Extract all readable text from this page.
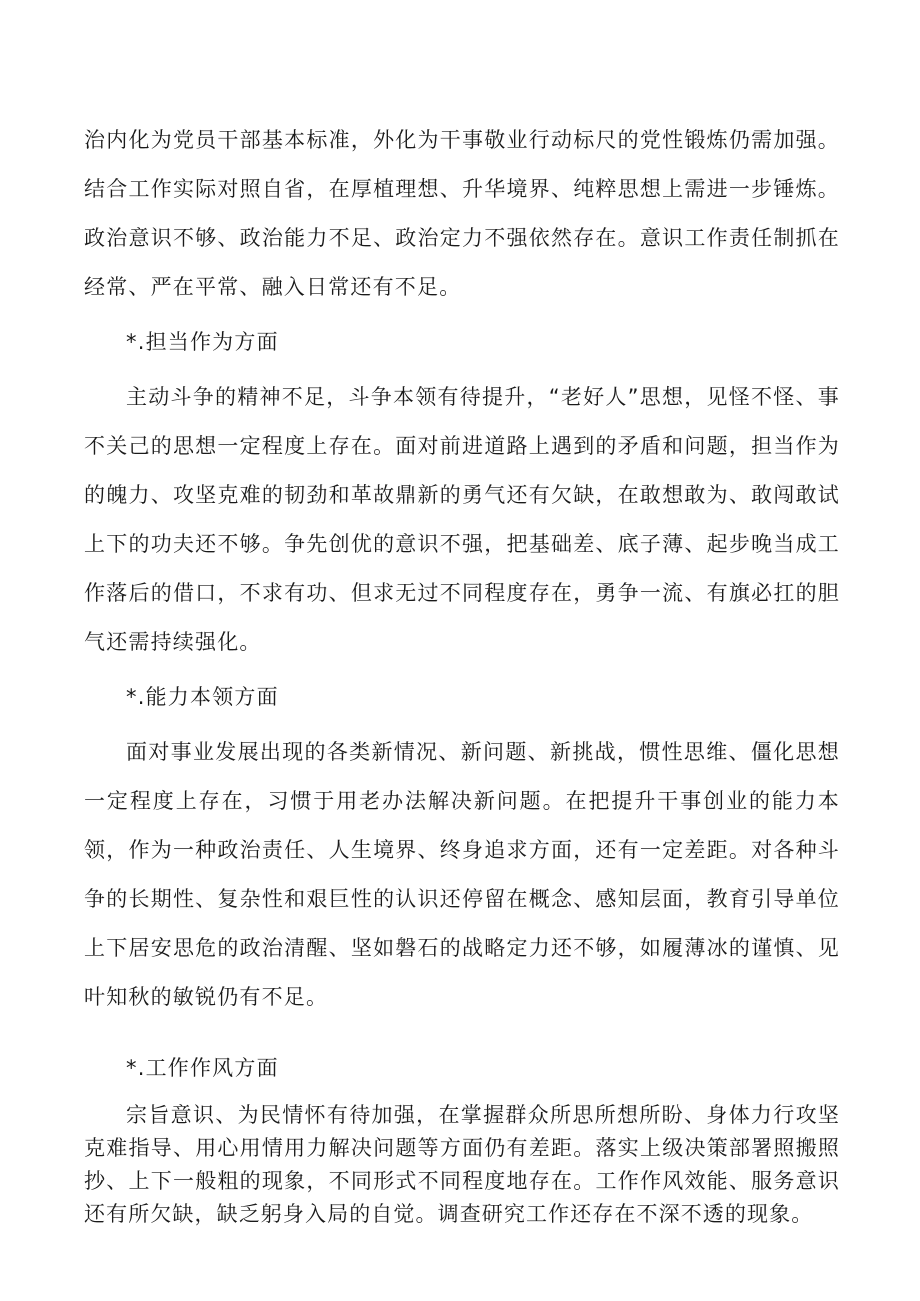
治内化为党员干部基本标准，外化为干事敬业行动标尺的党性锻炼仍需加强。结合工作实际对照自省，在厚植理想、升华境界、纯粹思想上需进一步锤炼。政治意识不够、政治能力不足、政治定力不强依然存在。意识工作责任制抓在经常、严在平常、融入日常还有不足。

*.担当作为方面

主动斗争的精神不足，斗争本领有待提升，“老好人”思想，见怪不怪、事不关己的思想一定程度上存在。面对前进道路上遇到的矛盾和问题，担当作为的魄力、攻坚克难的韧劲和革故鼎新的勇气还有欠缺，在敢想敢为、敢闯敢试上下的功夫还不够。争先创优的意识不强，把基础差、底子薄、起步晚当成工作落后的借口，不求有功、但求无过不同程度存在，勇争一流、有旗必扛的胆气还需持续强化。

*.能力本领方面

面对事业发展出现的各类新情况、新问题、新挑战，惯性思维、僵化思想一定程度上存在，习惯于用老办法解决新问题。在把提升干事创业的能力本领，作为一种政治责任、人生境界、终身追求方面，还有一定差距。对各种斗争的长期性、复杂性和艰巨性的认识还停留在概念、感知层面，教育引导单位上下居安思危的政治清醒、坚如磐石的战略定力还不够，如履薄冰的谨慎、见叶知秋的敏锐仍有不足。

*.工作作风方面

宗旨意识、为民情怀有待加强，在掌握群众所思所想所盼、身体力行攻坚克难指导、用心用情用力解决问题等方面仍有差距。落实上级决策部署照搬照抄、上下一般粗的现象，不同形式不同程度地存在。工作作风效能、服务意识还有所欠缺，缺乏躬身入局的自觉。调查研究工作还存在不深不透的现象。
